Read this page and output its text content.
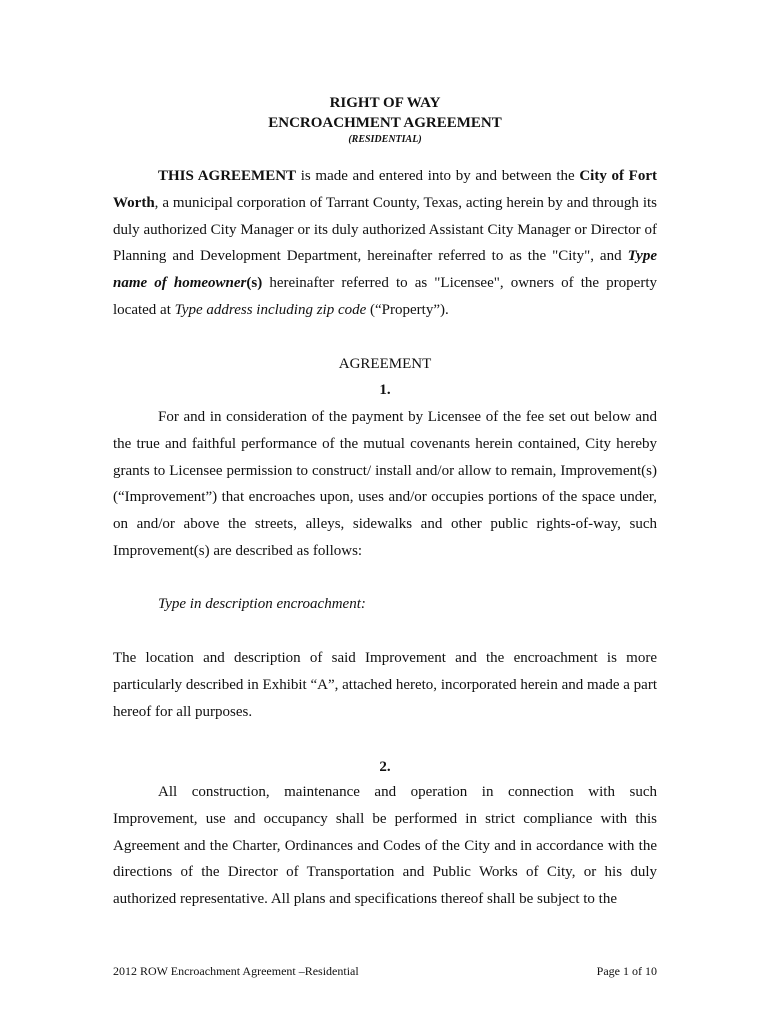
RIGHT OF WAY
ENCROACHMENT AGREEMENT
(RESIDENTIAL)
THIS AGREEMENT is made and entered into by and between the City of Fort Worth, a municipal corporation of Tarrant County, Texas, acting herein by and through its duly authorized City Manager or its duly authorized Assistant City Manager or Director of Planning and Development Department, hereinafter referred to as the "City", and Type name of homeowner(s) hereinafter referred to as "Licensee", owners of the property located at Type address including zip code (“Property”).
AGREEMENT
1.
For and in consideration of the payment by Licensee of the fee set out below and the true and faithful performance of the mutual covenants herein contained, City hereby grants to Licensee permission to construct/ install and/or allow to remain, Improvement(s) (“Improvement”) that encroaches upon, uses and/or occupies portions of the space under, on and/or above the streets, alleys, sidewalks and other public rights-of-way, such Improvement(s) are described as follows:
Type in description encroachment:
The location and description of said Improvement and the encroachment is more particularly described in Exhibit “A”, attached hereto, incorporated herein and made a part hereof for all purposes.
2.
All construction, maintenance and operation in connection with such Improvement, use and occupancy shall be performed in strict compliance with this Agreement and the Charter, Ordinances and Codes of the City and in accordance with the directions of the Director of Transportation and Public Works of City, or his duly authorized representative. All plans and specifications thereof shall be subject to the
2012 ROW Encroachment Agreement –Residential	Page 1 of 10
